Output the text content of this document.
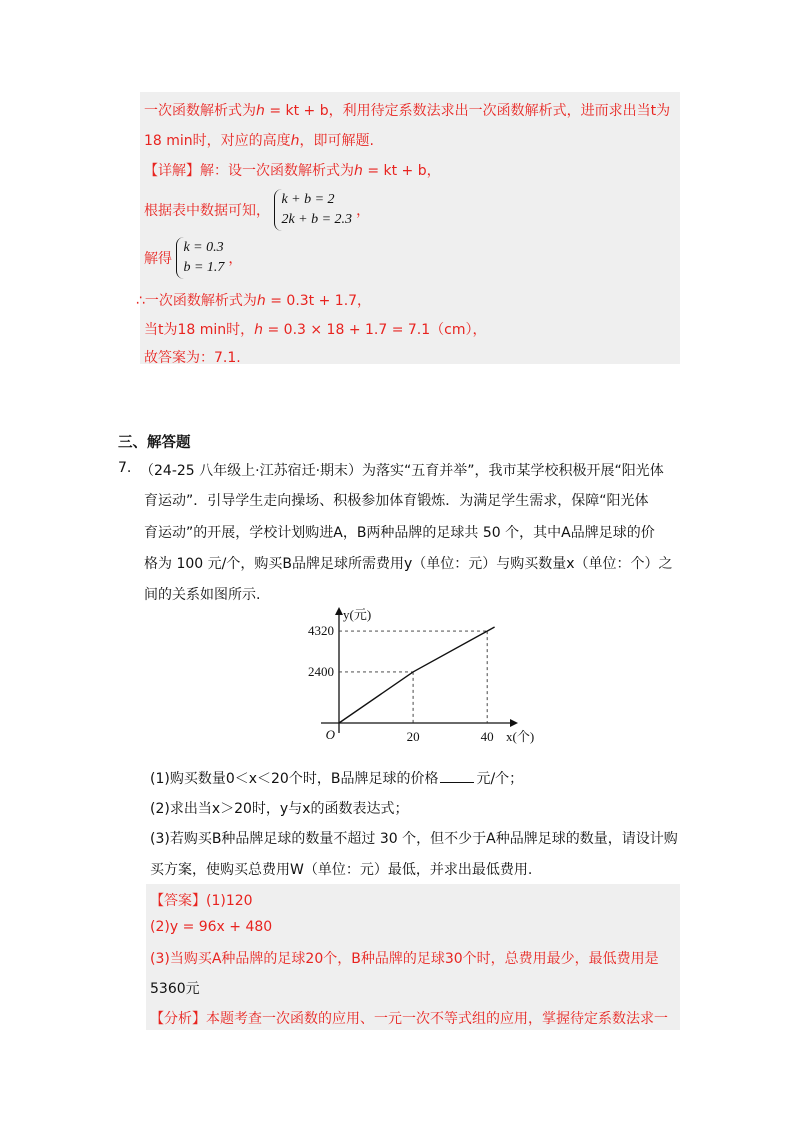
一次函数解析式为ℎ = kt + b，利用待定系数法求出一次函数解析式，进而求出当t为
18 min时，对应的高度ℎ，即可解题.
【详解】解：设一次函数解析式为ℎ = kt + b，
根据表中数据可知，
k + b = 2
2k + b = 2.3
，
解得
k = 0.3
b = 1.7
，
∴一次函数解析式为ℎ = 0.3t + 1.7，
当t为18 min时，ℎ = 0.3 × 18 + 1.7 = 7.1（cm），
故答案为：7.1.
三、解答题
7. （24-25 八年级上·江苏宿迁·期末）为落实“五育并举”，我市某学校积极开展“阳光体
育运动”．引导学生走向操场、积极参加体育锻炼．为满足学生需求，保障“阳光体
育运动”的开展，学校计划购进A，B两种品牌的足球共 50 个，其中A品牌足球的价
格为 100 元/个，购买B品牌足球所需费用y（单位：元）与购买数量x（单位：个）之
间的关系如图所示.
20	40
2400
4320
O
y(元)
x(个)
(1)购买数量0＜x＜20个时，B品牌足球的价格	元/个；
(2)求出当x＞20时，y与x的函数表达式；
(3)若购买B种品牌足球的数量不超过 30 个，但不少于A种品牌足球的数量，请设计购
买方案，使购买总费用W（单位：元）最低，并求出最低费用.
【答案】(1)120
(2)y = 96x + 480
(3)当购买A种品牌的足球20个，B种品牌的足球30个时，总费用最少，最低费用是
5360元
【分析】本题考查一次函数的应用、一元一次不等式组的应用，掌握待定系数法求一
